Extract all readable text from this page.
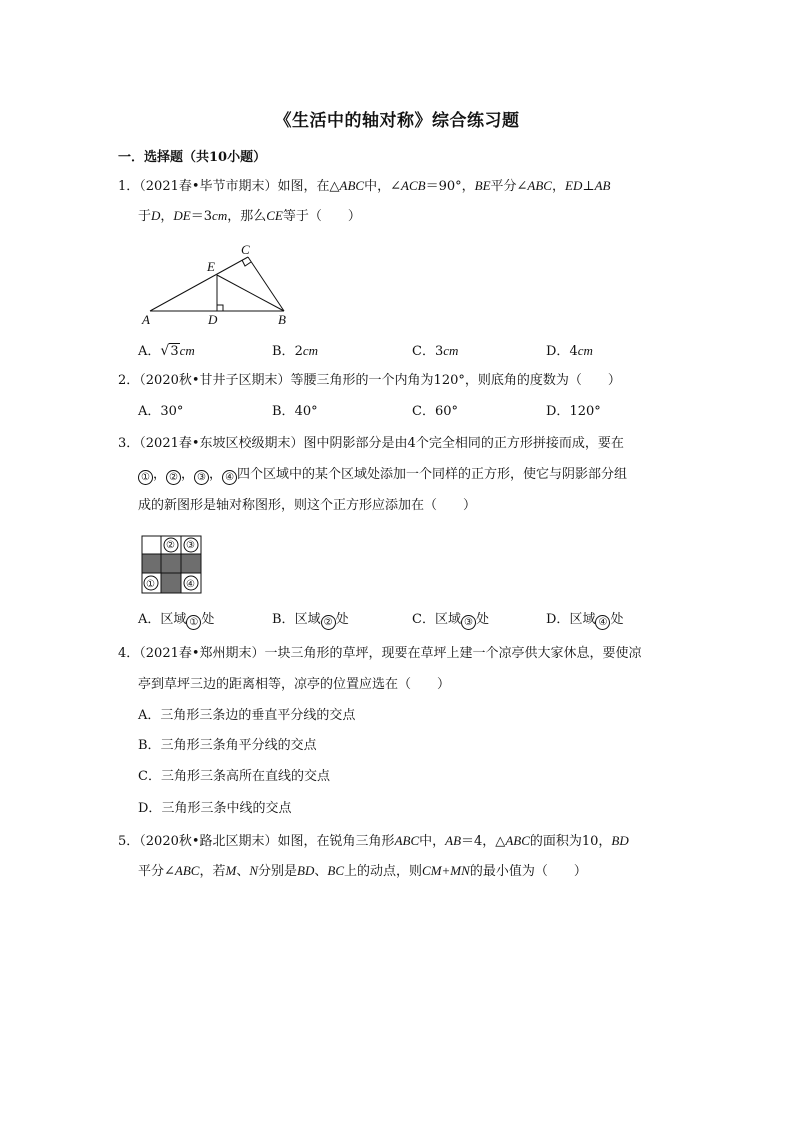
《生活中的轴对称》综合练习题
一．选择题（共10小题）
1．（2021春•毕节市期末）如图，在△ABC中，∠ACB＝90°，BE平分∠ABC，ED⊥AB
于D，DE＝3cm，那么CE等于（　　）
A	B
C
D
E
A．√3cm	B．2cm	C．3cm	D．4cm
2．（2020秋•甘井子区期末）等腰三角形的一个内角为120°，则底角的度数为（　　）
A．30°	B．40°	C．60°	D．120°
3．（2021春•东坡区校级期末）图中阴影部分是由4个完全相同的正方形拼接而成，要在
① ， ② ， ③ ， ④ 四个区域中的某个区域处添加一个同样的正方形，使它与阴影部分组
成的新图形是轴对称图形，则这个正方形应添加在（　　）
①
② ③
④
A．区域 ① 处	B．区域 ② 处	C．区域 ③ 处	D．区域 ④ 处
4．（2021春•郑州期末）一块三角形的草坪，现要在草坪上建一个凉亭供大家休息，要使凉
亭到草坪三边的距离相等，凉亭的位置应选在（　　）
A．三角形三条边的垂直平分线的交点
B．三角形三条角平分线的交点
C．三角形三条高所在直线的交点
D．三角形三条中线的交点
5．（2020秋•路北区期末）如图，在锐角三角形ABC中，AB＝4，△ABC的面积为10，BD
平分∠ABC，若M、N分别是BD、BC上的动点，则CM+MN的最小值为（　　）
